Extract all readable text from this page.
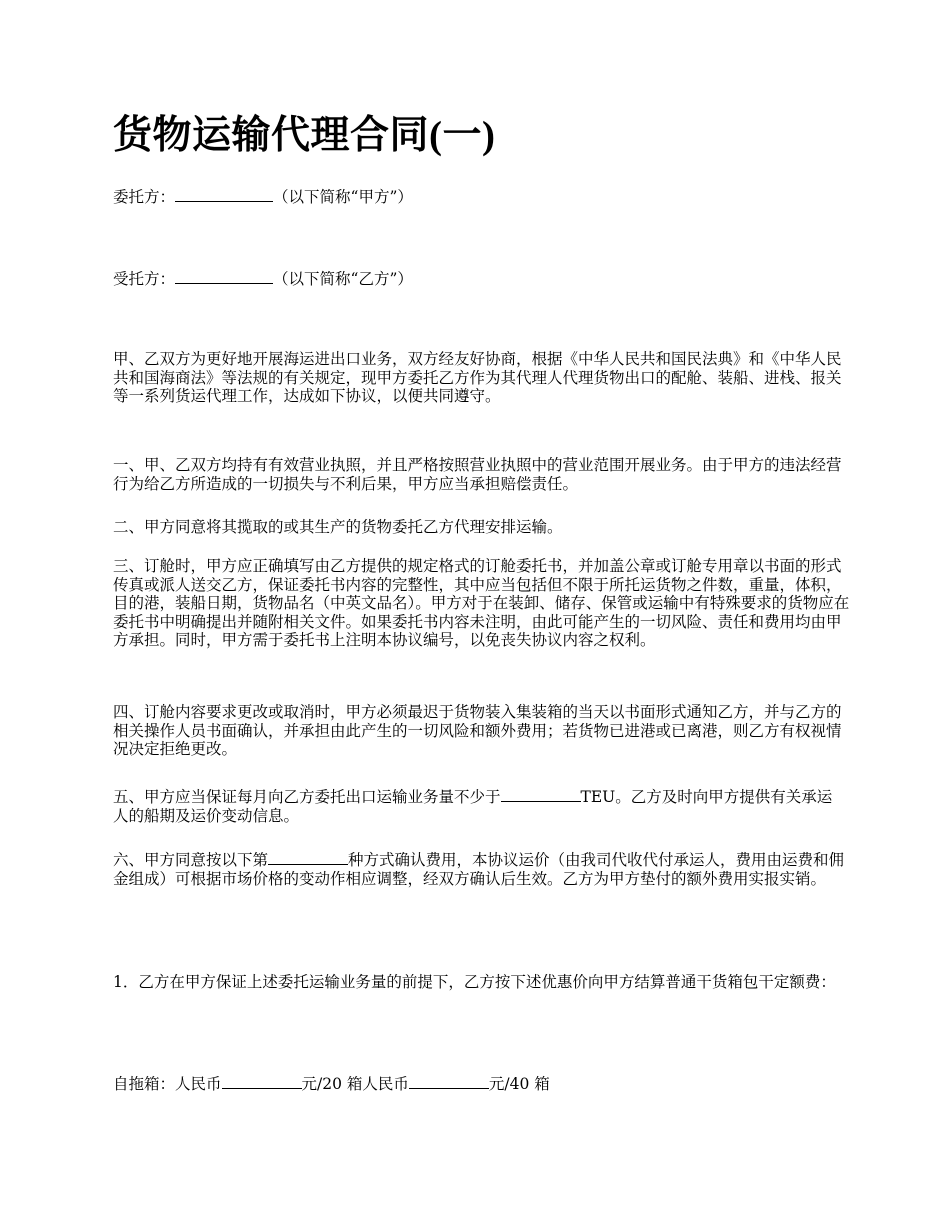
货物运输代理合同(一)
委托方：	（以下简称“甲方”）
受托方：	（以下简称“乙方”）

甲、乙双方为更好地开展海运进出口业务，双方经友好协商，根据《中华人民共和国民法典》和《中华人民共和国海商法》等法规的有关规定，现甲方委托乙方作为其代理人代理货物出口的配舱、装船、进栈、报关等一系列货运代理工作，达成如下协议，以便共同遵守。

一、甲、乙双方均持有有效营业执照，并且严格按照营业执照中的营业范围开展业务。由于甲方的违法经营行为给乙方所造成的一切损失与不利后果，甲方应当承担赔偿责任。

二、甲方同意将其揽取的或其生产的货物委托乙方代理安排运输。

三、订舱时，甲方应正确填写由乙方提供的规定格式的订舱委托书，并加盖公章或订舱专用章以书面的形式传真或派人送交乙方，保证委托书内容的完整性，其中应当包括但不限于所托运货物之件数，重量，体积，目的港，装船日期，货物品名（中英文品名）。甲方对于在装卸、储存、保管或运输中有特殊要求的货物应在委托书中明确提出并随附相关文件。如果委托书内容未注明，由此可能产生的一切风险、责任和费用均由甲方承担。同时，甲方需于委托书上注明本协议编号，以免丧失协议内容之权利。

四、订舱内容要求更改或取消时，甲方必须最迟于货物装入集装箱的当天以书面形式通知乙方，并与乙方的相关操作人员书面确认，并承担由此产生的一切风险和额外费用；若货物已进港或已离港，则乙方有权视情况决定拒绝更改。

五、甲方应当保证每月向乙方委托出口运输业务量不少于	TEU。乙方及时向甲方提供有关承运人的船期及运价变动信息。

六、甲方同意按以下第	种方式确认费用，本协议运价（由我司代收代付承运人，费用由运费和佣金组成）可根据市场价格的变动作相应调整，经双方确认后生效。乙方为甲方垫付的额外费用实报实销。

1．乙方在甲方保证上述委托运输业务量的前提下，乙方按下述优惠价向甲方结算普通干货箱包干定额费：

自拖箱：人民币	元/20 箱人民币	元/40 箱
